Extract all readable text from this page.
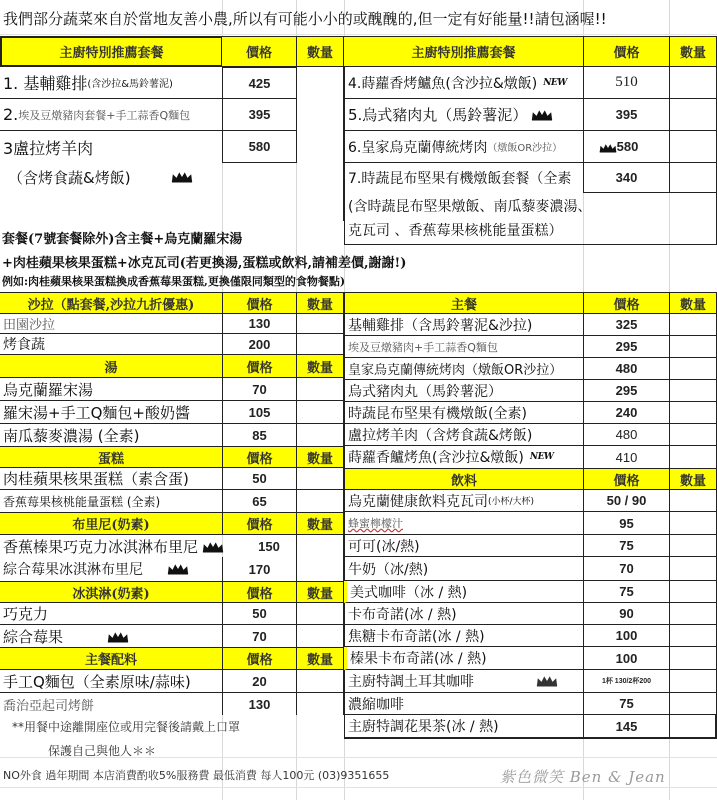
我們部分蔬菜來自於當地友善小農,所以有可能小小的或醜醜的,但一定有好能量!!請包涵喔!!
主廚特別推薦套餐	價格	數量	主廚特別推薦套餐	價格	數量
1. 基輔雞排 (含沙拉&馬鈴薯泥)	425
2. 埃及豆燉豬肉套餐+手工蒜香Q麵包	395
3盧拉烤羊肉	580
（含烤食蔬&烤飯)
4.蒔蘿香烤鱸魚(含沙拉&燉飯) NEW	510
5.烏式豬肉丸（馬鈴薯泥）	395
6.皇家烏克蘭傳統烤肉 （燉飯OR沙拉）	580
7.時蔬昆布堅果有機燉飯套餐（全素	340
(含時蔬昆布堅果燉飯、南瓜藜麥濃湯、
克瓦司 、香蕉莓果核桃能量蛋糕）
套餐(7號套餐除外)含主餐+烏克蘭羅宋湯
+肉桂蘋果核果蛋糕+冰克瓦司(若更換湯,蛋糕或飲料,請補差價,謝謝!)
例如:肉桂蘋果核果蛋糕換成香蕉莓果蛋糕,更換僅限同類型的食物餐點)
沙拉（點套餐,沙拉九折優惠)	價格	數量
田園沙拉	130
烤食蔬	200
湯	價格	數量
烏克蘭羅宋湯	70
羅宋湯+手工Q麵包+酸奶醬	105
南瓜藜麥濃湯 (全素)	85
蛋糕	價格	數量
肉桂蘋果核果蛋糕（素含蛋)	50
香蕉莓果核桃能量蛋糕 (全素)	65
布里尼(奶素)	價格	數量
香蕉榛果巧克力冰淇淋布里尼	150
綜合莓果冰淇淋布里尼	170
冰淇淋(奶素)	價格	數量
巧克力	50
綜合莓果	70
主餐配料	價格	數量
手工Q麵包（全素原味/蒜味)	20
喬治亞起司烤餅	130
主餐	價格	數量
基輔雞排（含馬鈴薯泥&沙拉)	325
埃及豆燉豬肉+手工蒜香Q麵包	295
皇家烏克蘭傳統烤肉（燉飯OR沙拉）	480
烏式豬肉丸（馬鈴薯泥）	295
時蔬昆布堅果有機燉飯(全素)	240
盧拉烤羊肉（含烤食蔬&烤飯)	480
蒔蘿香鱸烤魚(含沙拉&燉飯) NEW	410
飲料	價格	數量
烏克蘭健康飲料克瓦司 (小杯/大杯)	50 / 90
蜂蜜檸檬汁	95
可可(冰/熱)	75
牛奶（冰/熱)	70
美式咖啡（冰 / 熱)	75
卡布奇諾(冰 / 熱)	90
焦糖卡布奇諾(冰 / 熱)	100
榛果卡布奇諾(冰 / 熱)	100
主廚特調土耳其咖啡	1杯 130/2杯200
濃縮咖啡	75
主廚特調花果茶(冰 / 熱)	145
**用餐中途離開座位或用完餐後請戴上口罩
保護自己與他人＊＊
NO外食 過年期間 本店消費酌收5%服務費 最低消費 每人100元 (03)9351655	紫色微笑 Ben & Jean
